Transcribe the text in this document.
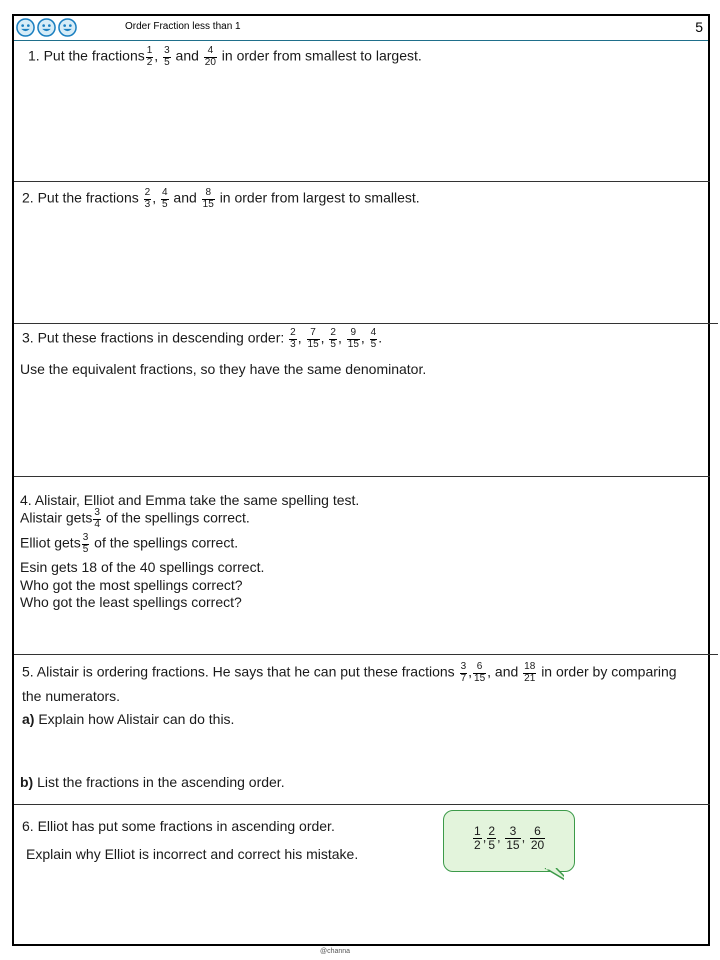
Order Fraction less than 1	5
1. Put the fractions $\frac{1}{2}$ , $\frac{3}{5}$ and $\frac{4}{20}$ in order from smallest to largest.
2. Put the fractions $\frac{2}{3}$ , $\frac{4}{5}$ and $\frac{8}{15}$ in order from largest to smallest.
3. Put these fractions in descending order: $\frac{2}{3}$ , $\frac{7}{15}$ , $\frac{2}{5}$ , $\frac{9}{15}$ , $\frac{4}{5}$ .
Use the equivalent fractions, so they have the same denominator.
4. Alistair, Elliot and Emma take the same spelling test.
Alistair gets $\frac{3}{4}$ of the spellings correct.
Elliot gets $\frac{3}{5}$ of the spellings correct.
Esin gets 18 of the 40 spellings correct.
Who got the most spellings correct?
Who got the least spellings correct?
5. Alistair is ordering fractions. He says that he can put these fractions $\frac{3}{7}$ , $\frac{6}{15}$ , and $\frac{18}{21}$ in order by comparing
the numerators.
a) Explain how Alistair can do this.
b) List the fractions in the ascending order.
6. Elliot has put some fractions in ascending order.
Explain why Elliot is incorrect and correct his mistake.
$\frac{1}{2}$ , $\frac{2}{5}$ , $\frac{3}{15}$ , $\frac{6}{20}$
@channa
